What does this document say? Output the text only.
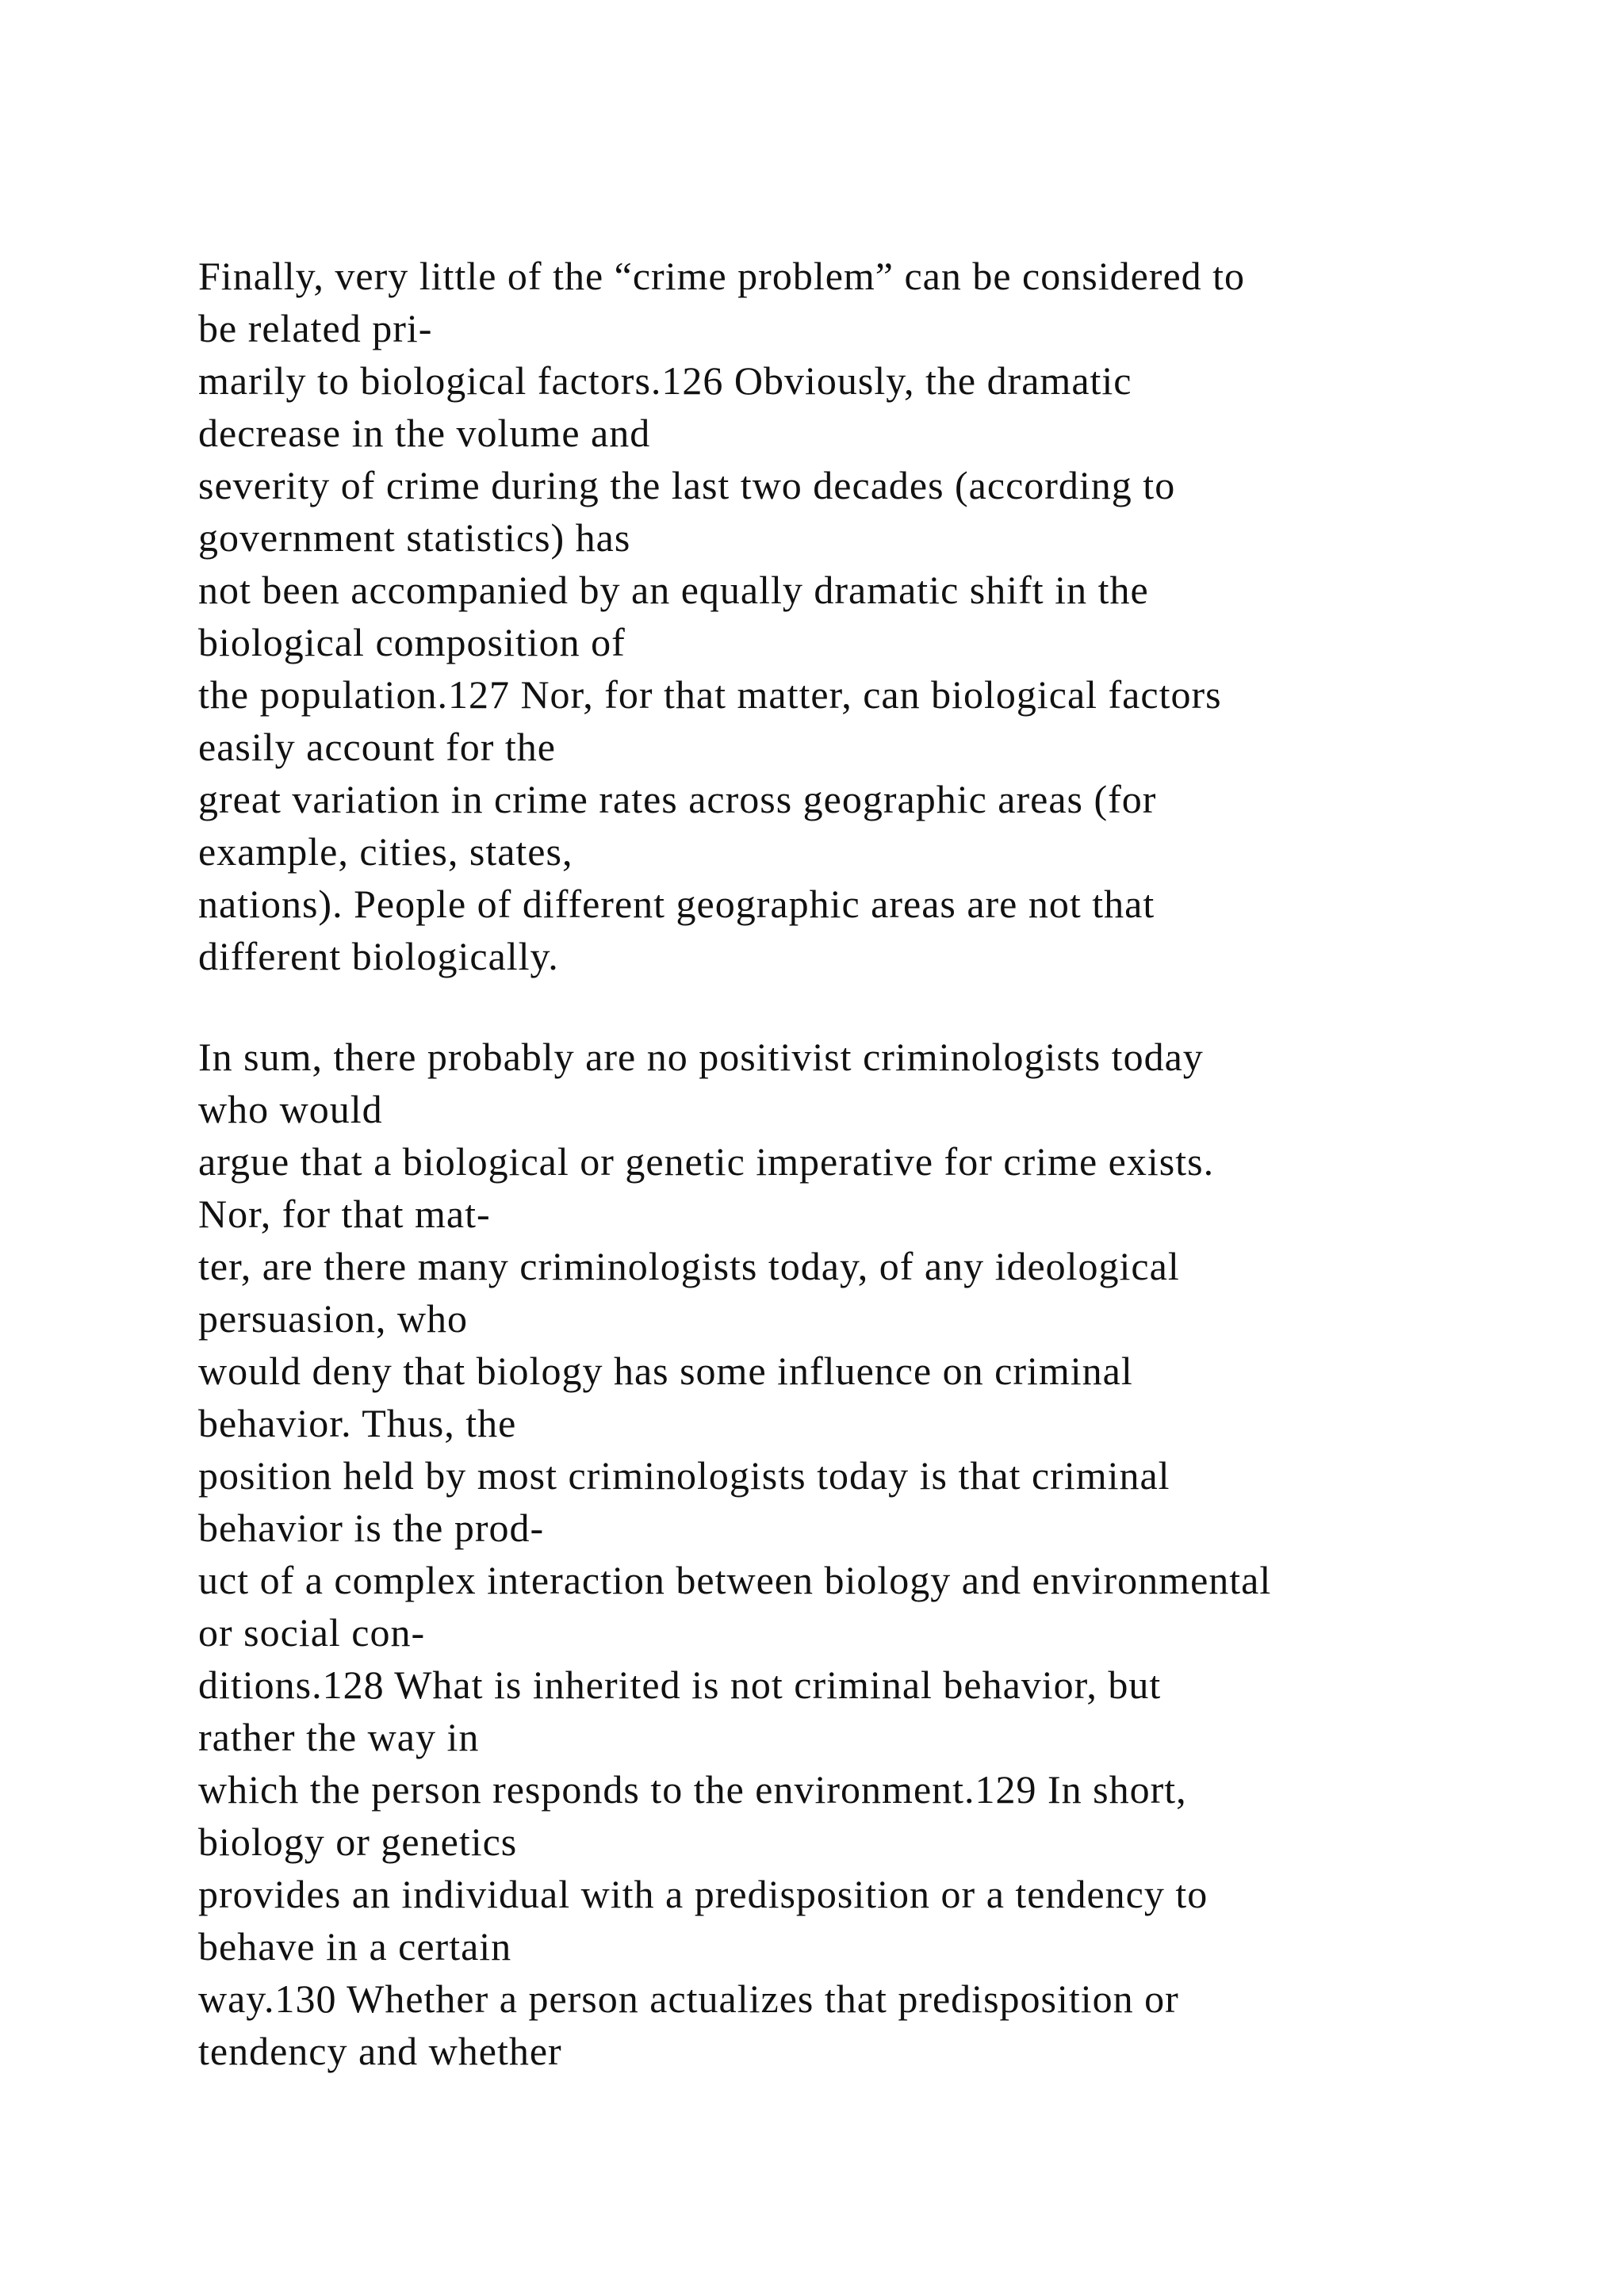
Finally, very little of the “crime problem” can be considered to
be related pri-
marily to biological factors.126 Obviously, the dramatic
decrease in the volume and
severity of crime during the last two decades (according to
government statistics) has
not been accompanied by an equally dramatic shift in the
biological composition of
the population.127 Nor, for that matter, can biological factors
easily account for the
great variation in crime rates across geographic areas (for
example, cities, states,
nations). People of different geographic areas are not that
different biologically.
In sum, there probably are no positivist criminologists today
who would
argue that a biological or genetic imperative for crime exists.
Nor, for that mat-
ter, are there many criminologists today, of any ideological
persuasion, who
would deny that biology has some influence on criminal
behavior. Thus, the
position held by most criminologists today is that criminal
behavior is the prod-
uct of a complex interaction between biology and environmental
or social con-
ditions.128 What is inherited is not criminal behavior, but
rather the way in
which the person responds to the environment.129 In short,
biology or genetics
provides an individual with a predisposition or a tendency to
behave in a certain
way.130 Whether a person actualizes that predisposition or
tendency and whether
